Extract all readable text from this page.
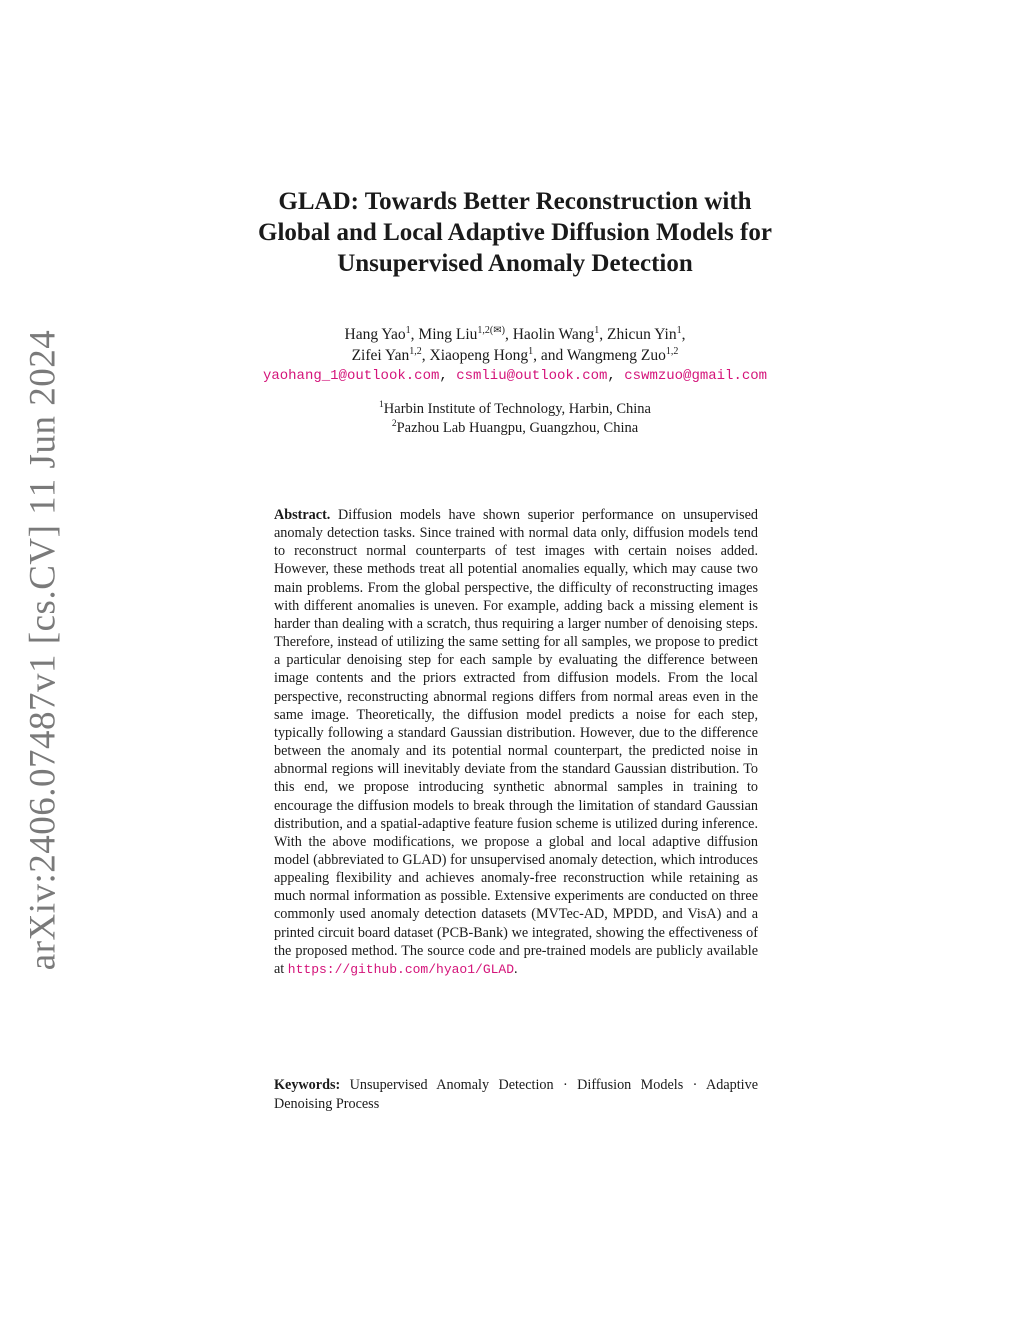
arXiv:2406.07487v1 [cs.CV] 11 Jun 2024
GLAD: Towards Better Reconstruction with
Global and Local Adaptive Diffusion Models for
Unsupervised Anomaly Detection
Hang Yao$^1$, Ming Liu$^{1,2(✉)}$, Haolin Wang$^1$, Zhicun Yin$^1$,
Zifei Yan$^{1,2}$, Xiaopeng Hong$^1$, and Wangmeng Zuo$^{1,2}$
yaohang_1@outlook.com, csmliu@outlook.com, cswmzuo@gmail.com
$^1$Harbin Institute of Technology, Harbin, China
$^2$Pazhou Lab Huangpu, Guangzhou, China
Abstract. Diffusion models have shown superior performance on unsupervised anomaly detection tasks. Since trained with normal data only, diffusion models tend to reconstruct normal counterparts of test images with certain noises added. However, these methods treat all potential anomalies equally, which may cause two main problems. From the global perspective, the difficulty of reconstructing images with different anomalies is uneven. For example, adding back a missing element is harder than dealing with a scratch, thus requiring a larger number of denoising steps. Therefore, instead of utilizing the same setting for all samples, we propose to predict a particular denoising step for each sample by evaluating the difference between image contents and the priors extracted from diffusion models. From the local perspective, reconstructing abnormal regions differs from normal areas even in the same image. Theoretically, the diffusion model predicts a noise for each step, typically following a standard Gaussian distribution. However, due to the difference between the anomaly and its potential normal counterpart, the predicted noise in abnormal regions will inevitably deviate from the standard Gaussian distribution. To this end, we propose introducing synthetic abnormal samples in training to encourage the diffusion models to break through the limitation of standard Gaussian distribution, and a spatial-adaptive feature fusion scheme is utilized during inference. With the above modifications, we propose a global and local adaptive diffusion model (abbreviated to GLAD) for unsupervised anomaly detection, which introduces appealing flexibility and achieves anomaly-free reconstruction while retaining as much normal information as possible. Extensive experiments are conducted on three commonly used anomaly detection datasets (MVTec-AD, MPDD, and VisA) and a printed circuit board dataset (PCB-Bank) we integrated, showing the effectiveness of the proposed method. The source code and pre-trained models are publicly available at https://github.com/hyao1/GLAD.
Keywords: Unsupervised Anomaly Detection · Diffusion Models · Adaptive Denoising Process
